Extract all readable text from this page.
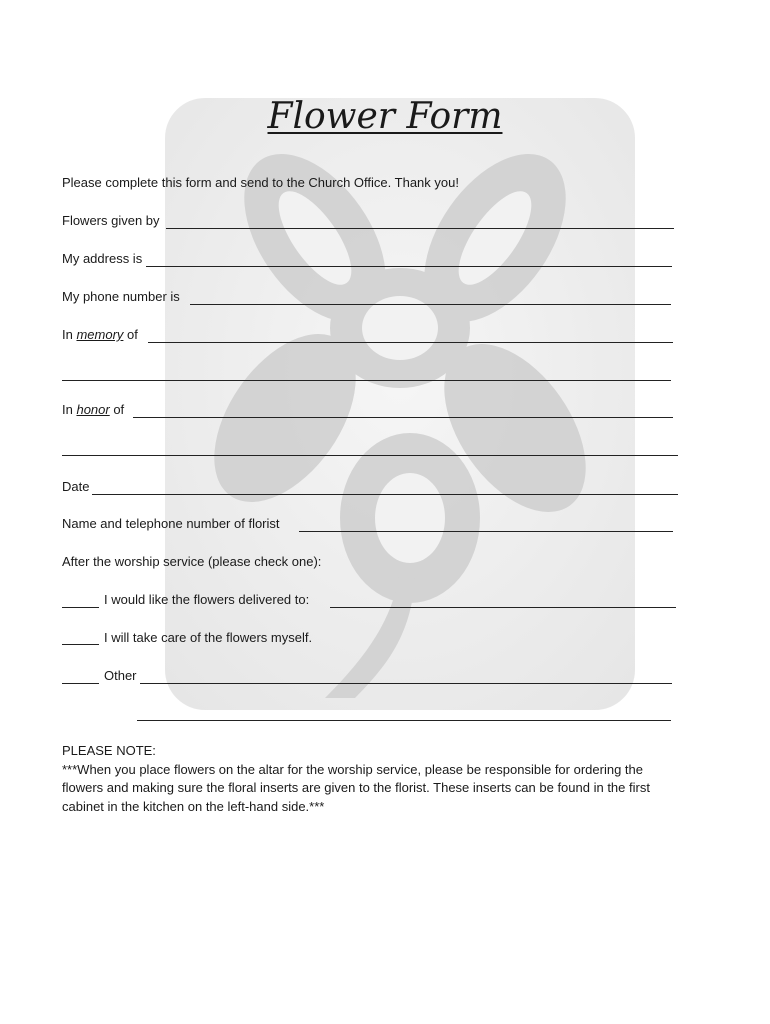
Flower Form
Please complete this form and send to the Church Office. Thank you!
Flowers given by
My address is
My phone number is
In memory of
In honor of
Date
Name and telephone number of florist
After the worship service (please check one):
I would like the flowers delivered to:
I will take care of the flowers myself.
Other

PLEASE NOTE:

***When you place flowers on the altar for the worship service, please be responsible for ordering the flowers and making sure the floral inserts are given to the florist. These inserts can be found in the first cabinet in the kitchen on the left-hand side.***
